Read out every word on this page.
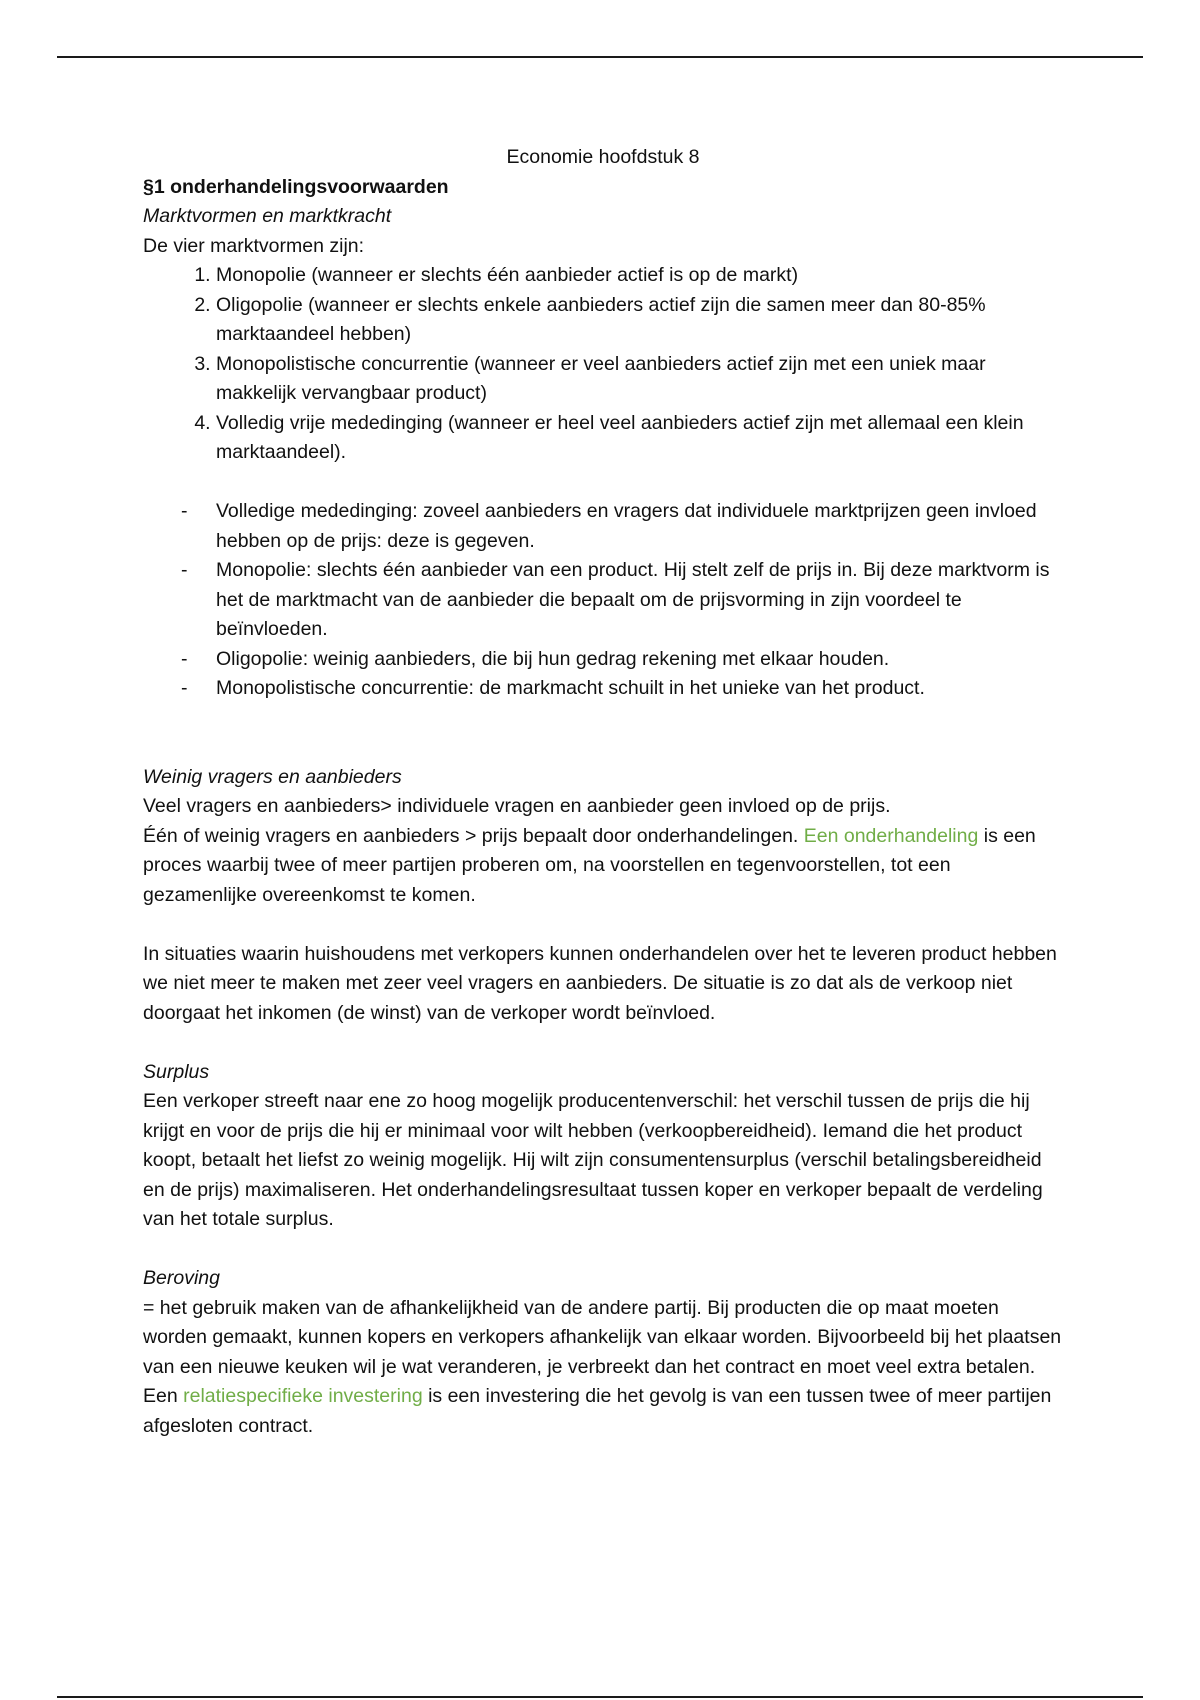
Economie hoofdstuk 8

§1 onderhandelingsvoorwaarden

Marktvormen en marktkracht

De vier marktvormen zijn:

1. Monopolie (wanneer er slechts één aanbieder actief is op de markt)
2. Oligopolie (wanneer er slechts enkele aanbieders actief zijn die samen meer dan 80-85% marktaandeel hebben)
3. Monopolistische concurrentie (wanneer er veel aanbieders actief zijn met een uniek maar makkelijk vervangbaar product)
4. Volledig vrije mededinging (wanneer er heel veel aanbieders actief zijn met allemaal een klein marktaandeel).
- Volledige mededinging: zoveel aanbieders en vragers dat individuele marktprijzen geen invloed hebben op de prijs: deze is gegeven.
- Monopolie: slechts één aanbieder van een product. Hij stelt zelf de prijs in. Bij deze marktvorm is het de marktmacht van de aanbieder die bepaalt om de prijsvorming in zijn voordeel te beïnvloeden.
- Oligopolie: weinig aanbieders, die bij hun gedrag rekening met elkaar houden.
- Monopolistische concurrentie: de markmacht schuilt in het unieke van het product.

Weinig vragers en aanbieders

Veel vragers en aanbieders> individuele vragen en aanbieder geen invloed op de prijs.

Één of weinig vragers en aanbieders > prijs bepaalt door onderhandelingen. Een onderhandeling is een proces waarbij twee of meer partijen proberen om, na voorstellen en tegenvoorstellen, tot een gezamenlijke overeenkomst te komen.

In situaties waarin huishoudens met verkopers kunnen onderhandelen over het te leveren product hebben we niet meer te maken met zeer veel vragers en aanbieders. De situatie is zo dat als de verkoop niet doorgaat het inkomen (de winst) van de verkoper wordt beïnvloed.

Surplus

Een verkoper streeft naar ene zo hoog mogelijk producentenverschil: het verschil tussen de prijs die hij krijgt en voor de prijs die hij er minimaal voor wilt hebben (verkoopbereidheid). Iemand die het product koopt, betaalt het liefst zo weinig mogelijk. Hij wilt zijn consumentensurplus (verschil betalingsbereidheid en de prijs) maximaliseren. Het onderhandelingsresultaat tussen koper en verkoper bepaalt de verdeling van het totale surplus.

Beroving

= het gebruik maken van de afhankelijkheid van de andere partij. Bij producten die op maat moeten worden gemaakt, kunnen kopers en verkopers afhankelijk van elkaar worden. Bijvoorbeeld bij het plaatsen van een nieuwe keuken wil je wat veranderen, je verbreekt dan het contract en moet veel extra betalen. Een relatiespecifieke investering is een investering die het gevolg is van een tussen twee of meer partijen afgesloten contract.
